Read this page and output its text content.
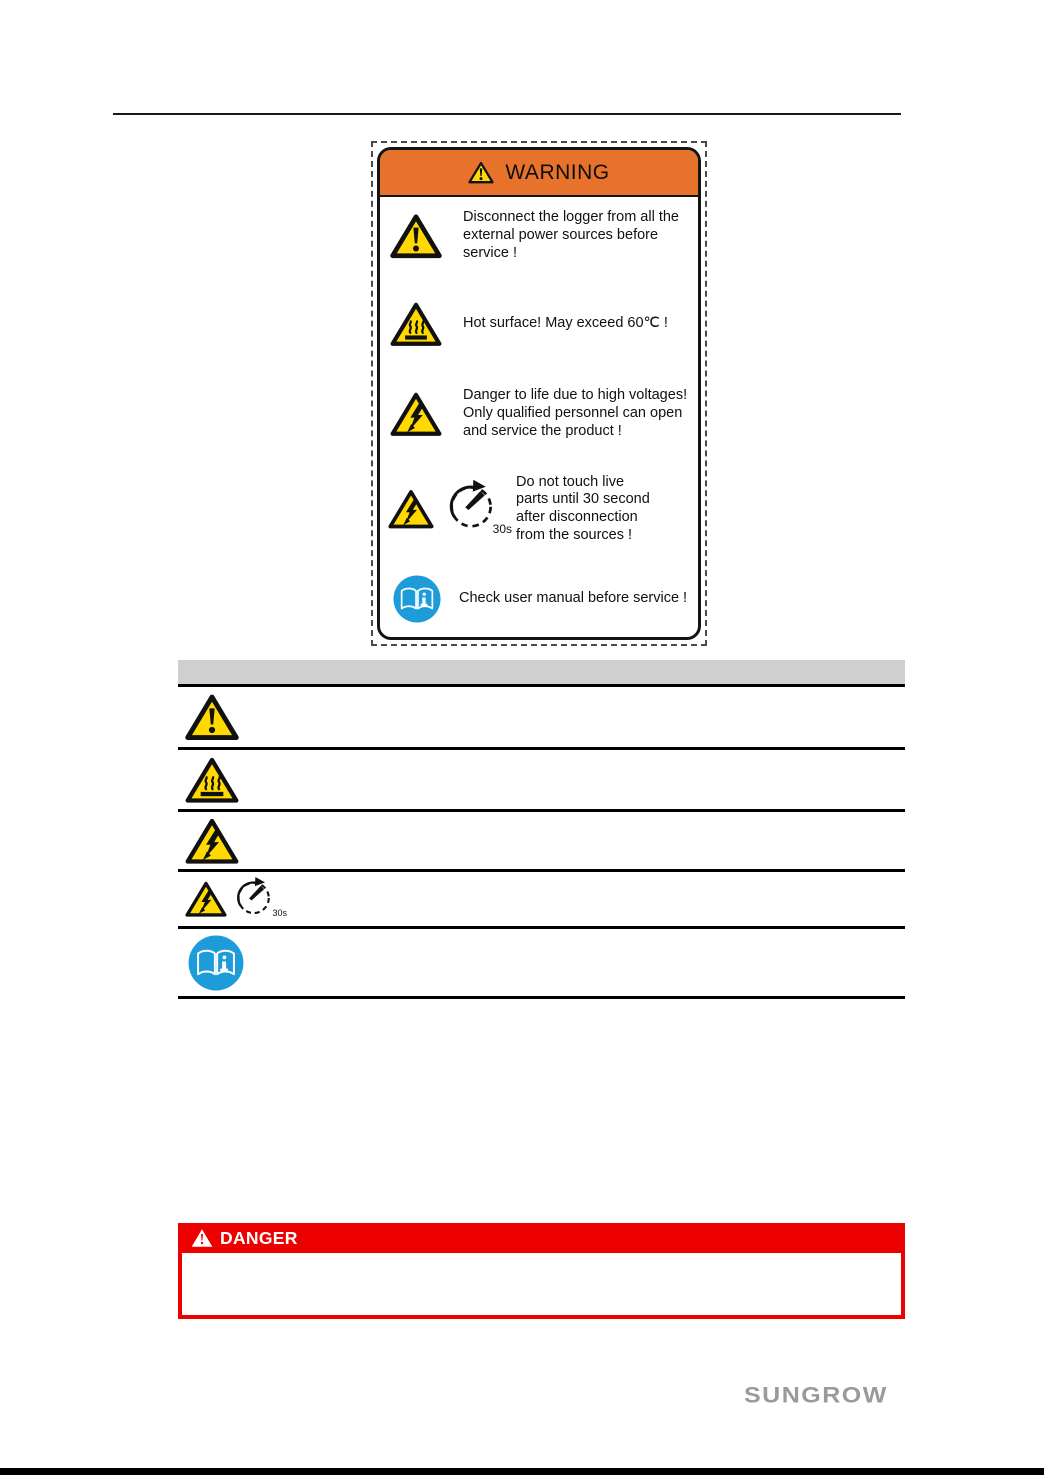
WARNING
Disconnect the logger from all the external power sources before service !
Hot surface! May exceed 60℃ !
Danger to life due to high voltages! Only qualified personnel can open and service the product !
30s
Do not touch live parts until 30 second after disconnection from the sources !
Check user manual before service !
30s
DANGER
SUNGROW
